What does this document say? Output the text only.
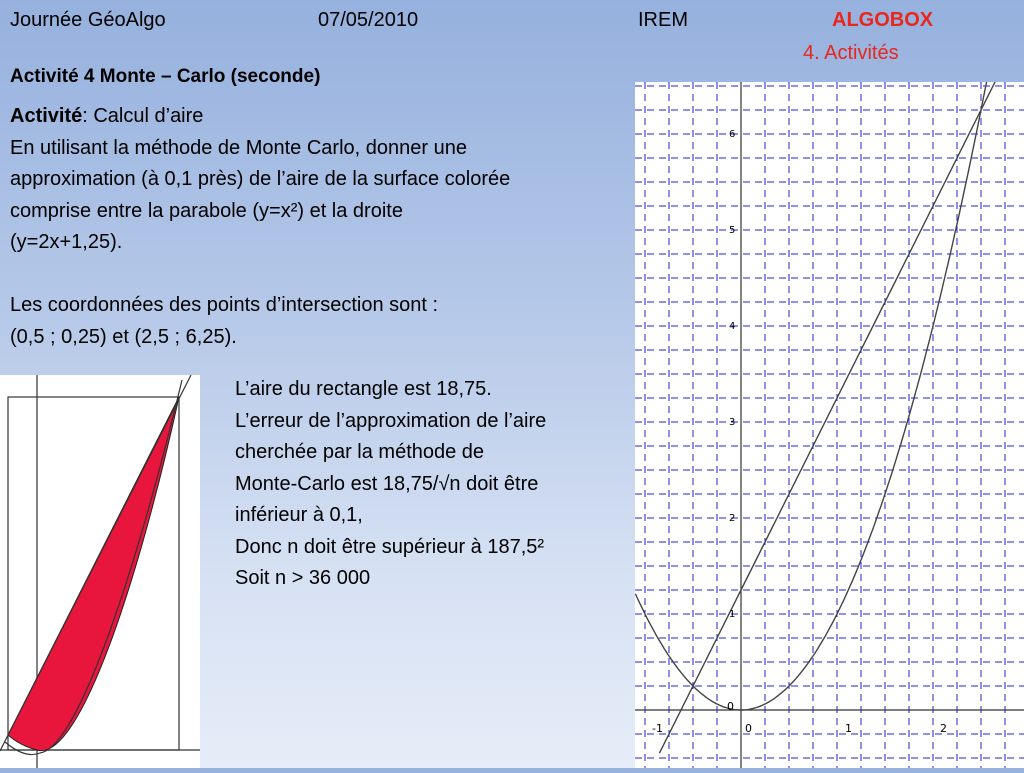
Journée GéoAlgo	07/05/2010	IREM	ALGOBOX

4. Activités

Activité 4 Monte – Carlo (seconde)

Activité: Calcul d’aire
En utilisant la méthode de Monte Carlo, donner une
approximation (à 0,1 près) de l’aire de la surface colorée
comprise entre la parabole (y=x²) et la droite
(y=2x+1,25).
Les coordonnées des points d’intersection sont :
(0,5 ; 0,25) et (2,5 ; 6,25).
L’aire du rectangle est 18,75.
L’erreur de l’approximation de l’aire
cherchée par la méthode de
Monte-Carlo est 18,75/√n doit être
inférieur à 0,1,
Donc n doit être supérieur à 187,5²
Soit n > 36 000
-1	0	1	2
0
1
2
3
4
5
6
